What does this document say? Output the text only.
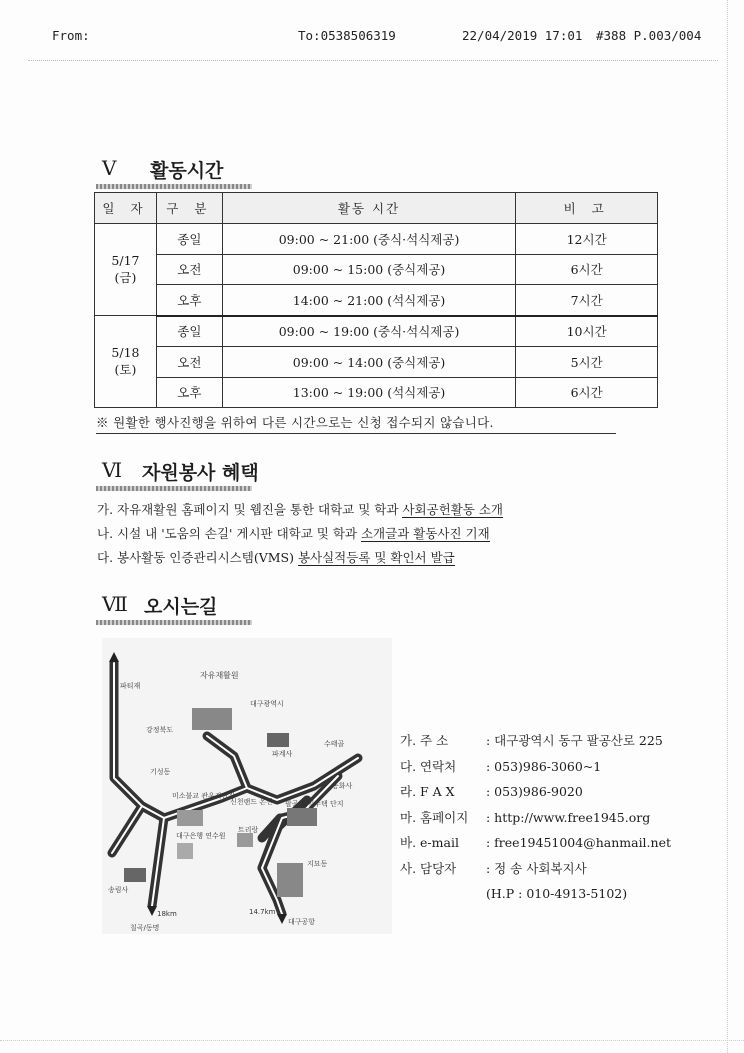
From:	To:0538506319	22/04/2019 17:01 #388 P.003/004
V 활동시간
일 자	구 분	활동 시간	비 고

5/17
(금)	종일	09:00 ~ 21:00 (중식·석식제공)	12시간
	오전	09:00 ~ 15:00 (중식제공)	6시간
	오후	14:00 ~ 21:00 (석식제공)	7시간

5/18
(토)	종일	09:00 ~ 19:00 (중식·석식제공)	10시간
	오전	09:00 ~ 14:00 (중식제공)	5시간
	오후	13:00 ~ 19:00 (석식제공)	6시간
※ 원활한 행사진행을 위하여 다른 시간으로는 신청 접수되지 않습니다.
Ⅵ 자원봉사 혜택
가. 자유재활원 홈페이지 및 웹진을 통한 대학교 및 학과 사회공헌활동 소개
나. 시설 내 '도움의 손길' 게시판 대학교 및 학과 소개글과 활동사진 기재
다. 봉사활동 인증관리시스템(VMS) 봉사실적등록 및 확인서 발급
Ⅶ 오시는길
파티재
자유재활원
대구광역시
파계사
강정북도
기성동
수태골
미소불교 관우직판장
신천랜드 온천
동화사
팔공 전원주택 단지
트리랑
대구은행 연수원
지묘동
송림사
18km	14.7km
칠곡/동명
대구공항
가. 주 소	: 대구광역시 동구 팔공산로 225
다. 연락처 : 053)986-3060~1
라. F A X	: 053)986-9020
마. 홈페이지 : http://www.free1945.org
바. e-mail : free19451004@hanmail.net
사. 담당자 : 정 송 사회복지사
(H.P : 010-4913-5102)
